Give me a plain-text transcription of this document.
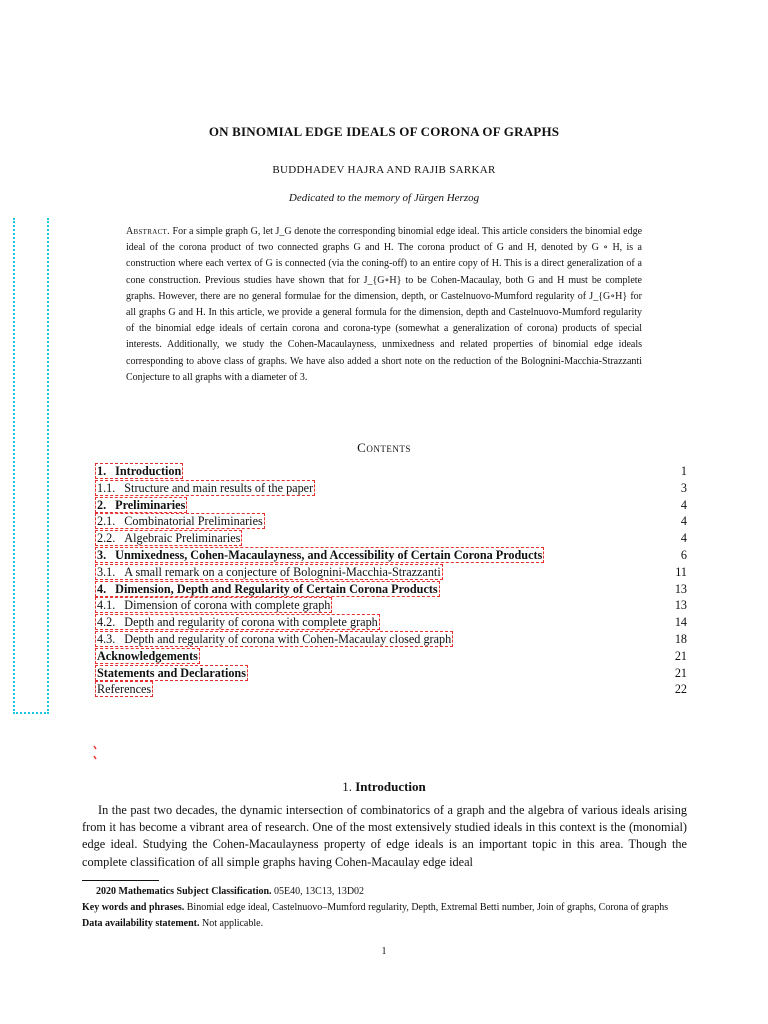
ON BINOMIAL EDGE IDEALS OF CORONA OF GRAPHS
BUDDHADEV HAJRA AND RAJIB SARKAR
Dedicated to the memory of Jürgen Herzog
Abstract. For a simple graph G, let J_G denote the corresponding binomial edge ideal. This article considers the binomial edge ideal of the corona product of two connected graphs G and H. The corona product of G and H, denoted by G ∘ H, is a construction where each vertex of G is connected (via the coning-off) to an entire copy of H. This is a direct generalization of a cone construction. Previous studies have shown that for J_{G∘H} to be Cohen-Macaulay, both G and H must be complete graphs. However, there are no general formulae for the dimension, depth, or Castelnuovo-Mumford regularity of J_{G∘H} for all graphs G and H. In this article, we provide a general formula for the dimension, depth and Castelnuovo-Mumford regularity of the binomial edge ideals of certain corona and corona-type (somewhat a generalization of corona) products of special interests. Additionally, we study the Cohen-Macaulayness, unmixedness and related properties of binomial edge ideals corresponding to above class of graphs. We have also added a short note on the reduction of the Bolognini-Macchia-Strazzanti Conjecture to all graphs with a diameter of 3.
Contents
1. Introduction	1
1.1. Structure and main results of the paper	3
2. Preliminaries	4
2.1. Combinatorial Preliminaries	4
2.2. Algebraic Preliminaries	4
3. Unmixedness, Cohen-Macaulayness, and Accessibility of Certain Corona Products	6
3.1. A small remark on a conjecture of Bolognini-Macchia-Strazzanti	11
4. Dimension, Depth and Regularity of Certain Corona Products	13
4.1. Dimension of corona with complete graph	13
4.2. Depth and regularity of corona with complete graph	14
4.3. Depth and regularity of corona with Cohen-Macaulay closed graph	18
Acknowledgements	21
Statements and Declarations	21
References	22
1. Introduction
In the past two decades, the dynamic intersection of combinatorics of a graph and the algebra of various ideals arising from it has become a vibrant area of research. One of the most extensively studied ideals in this context is the (monomial) edge ideal. Studying the Cohen-Macaulayness property of edge ideals is an important topic in this area. Though the complete classification of all simple graphs having Cohen-Macaulay edge ideal
2020 Mathematics Subject Classification. 05E40, 13C13, 13D02
Key words and phrases. Binomial edge ideal, Castelnuovo–Mumford regularity, Depth, Extremal Betti number, Join of graphs, Corona of graphs
Data availability statement. Not applicable.
1
